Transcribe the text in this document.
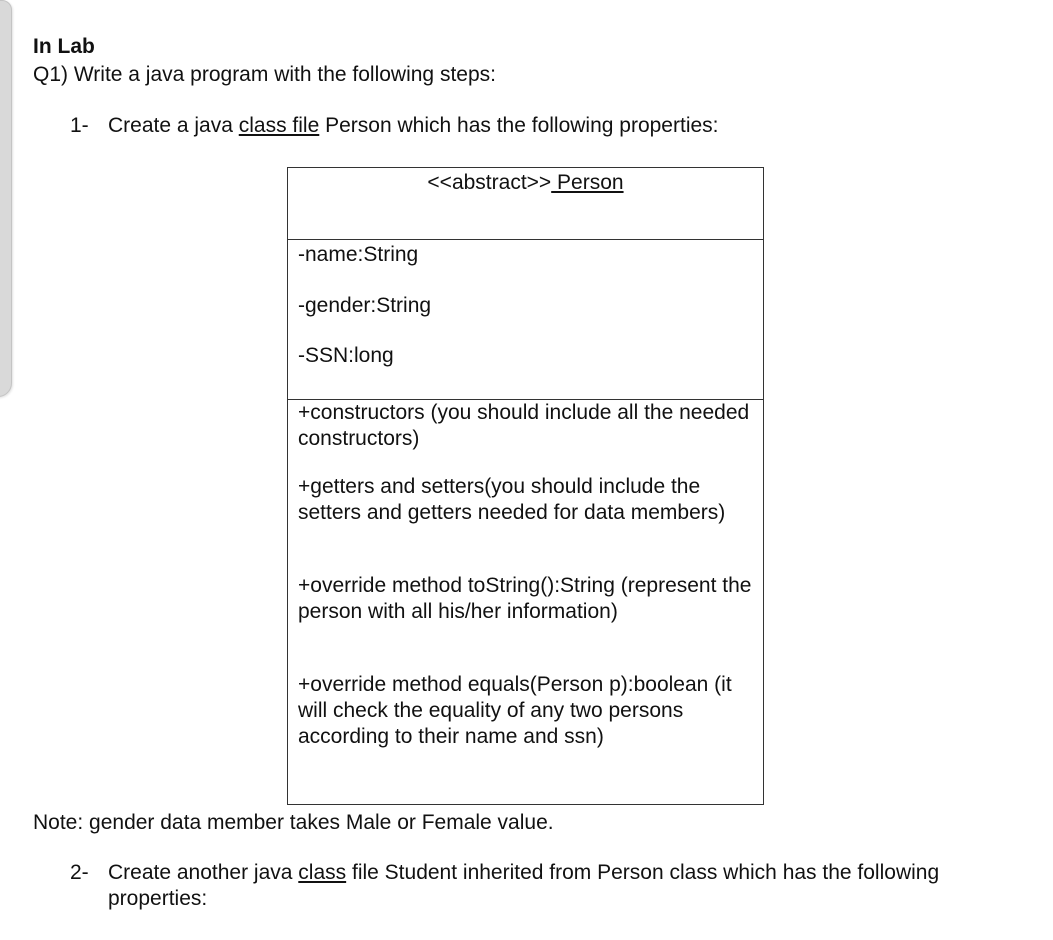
In Lab
Q1) Write a java program with the following steps:
1- Create a java class file Person which has the following properties:
<<abstract>> Person
-name:String
-gender:String
-SSN:long
+constructors (you should include all the needed constructors)
+getters and setters(you should include the setters and getters needed for data members)
+override method toString():String (represent the person with all his/her information)
+override method equals(Person p):boolean (it will check the equality of any two persons according to their name and ssn)
Note: gender data member takes Male or Female value.
2- Create another java class file Student inherited from Person class which has the following properties:
